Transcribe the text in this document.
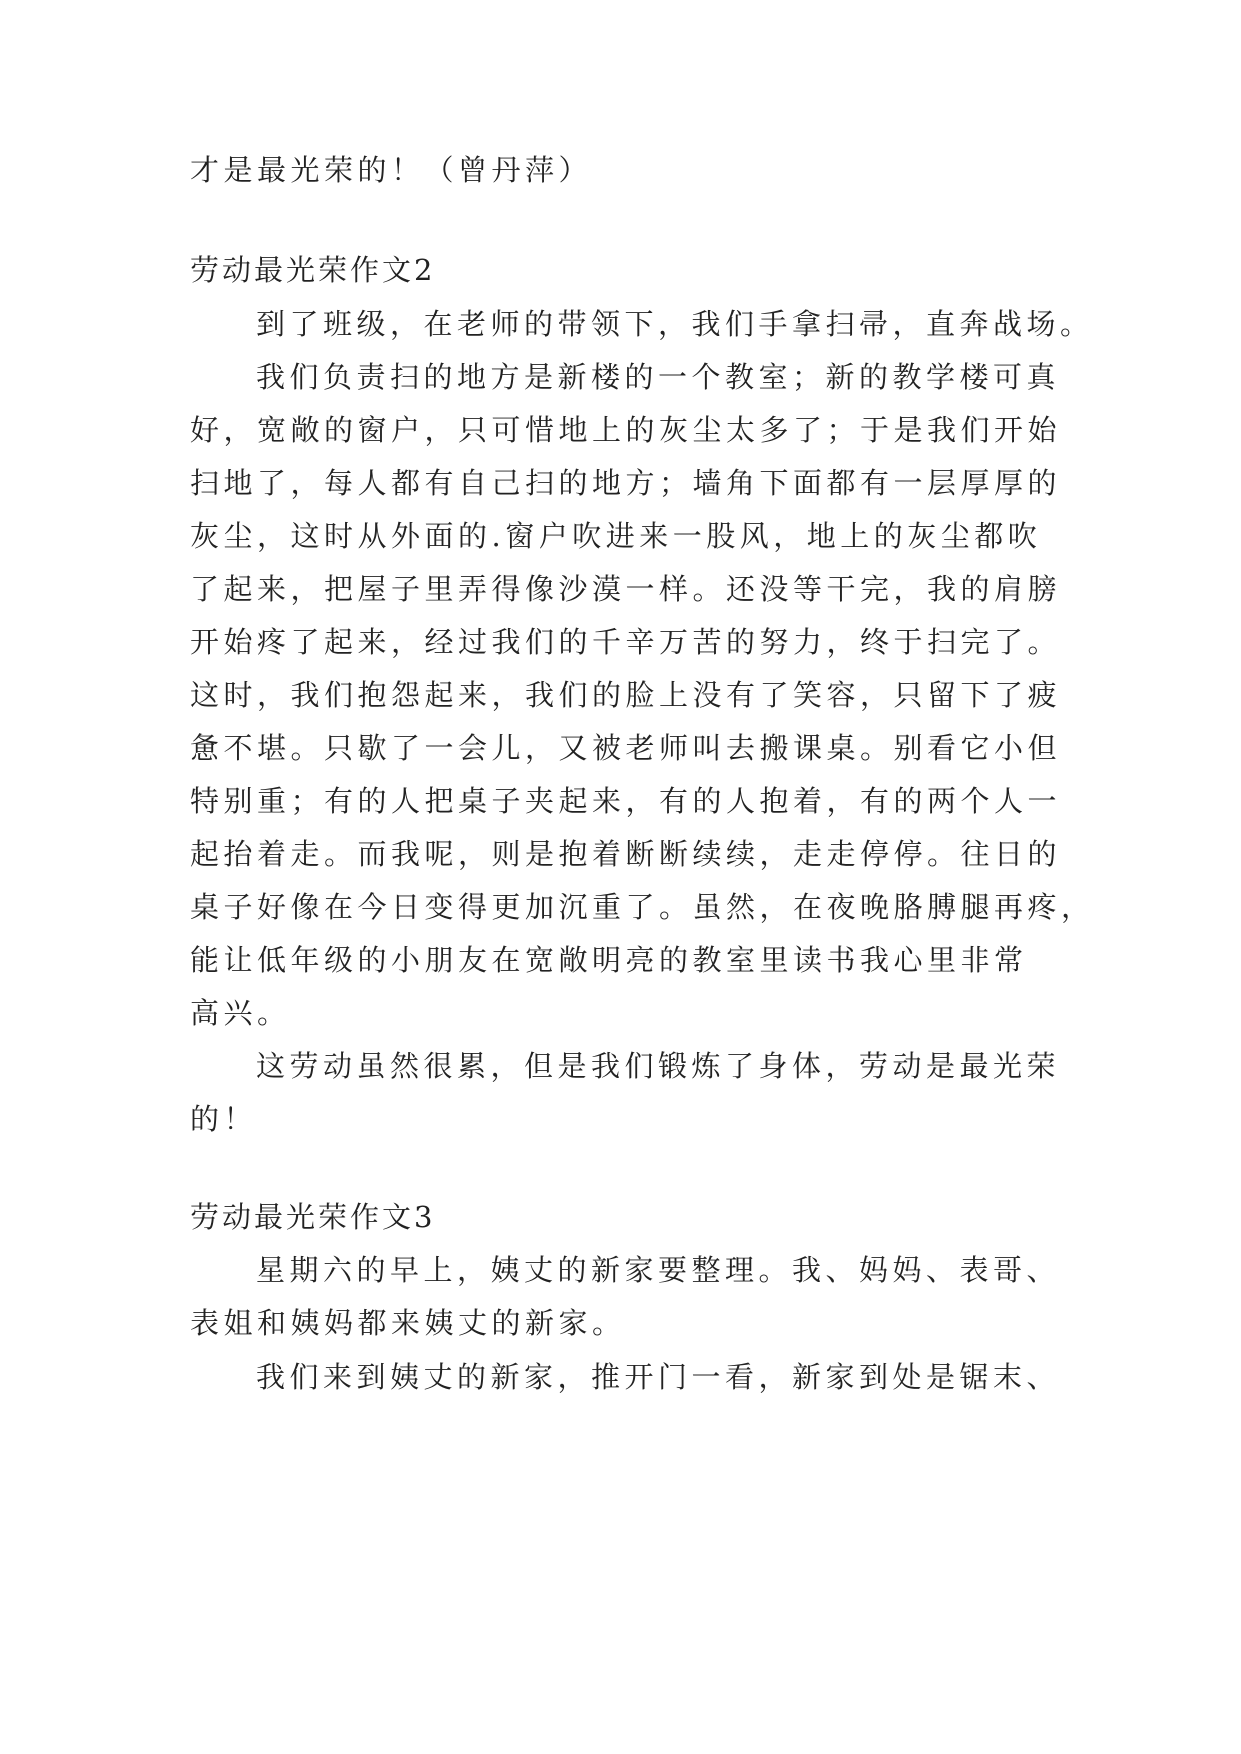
才是最光荣的！（曾丹萍）
劳动最光荣作文2
到了班级，在老师的带领下，我们手拿扫帚，直奔战场。
我们负责扫的地方是新楼的一个教室；新的教学楼可真
好，宽敞的窗户，只可惜地上的灰尘太多了；于是我们开始
扫地了，每人都有自己扫的地方；墙角下面都有一层厚厚的
灰尘，这时从外面的.窗户吹进来一股风，地上的灰尘都吹
了起来，把屋子里弄得像沙漠一样。还没等干完，我的肩膀
开始疼了起来，经过我们的千辛万苦的努力，终于扫完了。
这时，我们抱怨起来，我们的脸上没有了笑容，只留下了疲
惫不堪。只歇了一会儿，又被老师叫去搬课桌。别看它小但
特别重；有的人把桌子夹起来，有的人抱着，有的两个人一
起抬着走。而我呢，则是抱着断断续续，走走停停。往日的
桌子好像在今日变得更加沉重了。虽然，在夜晚胳膊腿再疼，
能让低年级的小朋友在宽敞明亮的教室里读书我心里非常
高兴。
这劳动虽然很累，但是我们锻炼了身体，劳动是最光荣
的！
劳动最光荣作文3
星期六的早上，姨丈的新家要整理。我、妈妈、表哥、
表姐和姨妈都来姨丈的新家。
我们来到姨丈的新家，推开门一看，新家到处是锯末、
